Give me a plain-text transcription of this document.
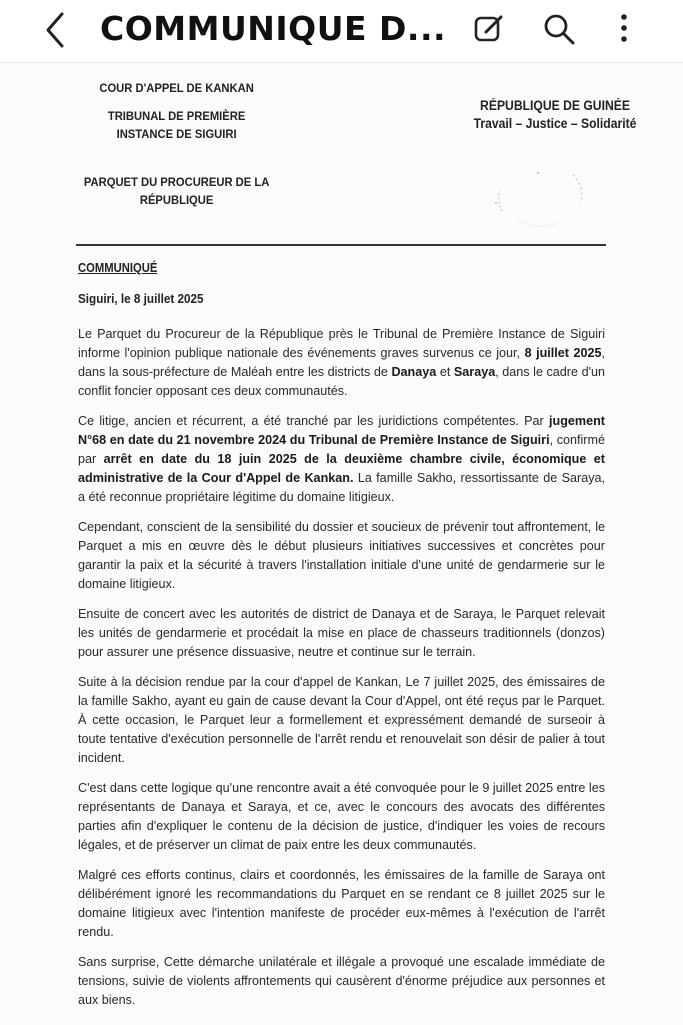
COMMUNIQUE D...
COUR D'APPEL DE KANKAN
TRIBUNAL DE PREMIÈRE INSTANCE DE SIGUIRI
PARQUET DU PROCUREUR DE LA RÉPUBLIQUE
RÉPUBLIQUE DE GUINÉE
Travail – Justice – Solidarité
COMMUNIQUÉ
Siguiri, le 8 juillet 2025

Le Parquet du Procureur de la République près le Tribunal de Première Instance de Siguiri informe l'opinion publique nationale des événements graves survenus ce jour, 8 juillet 2025, dans la sous-préfecture de Maléah entre les districts de Danaya et Saraya, dans le cadre d'un conflit foncier opposant ces deux communautés.

Ce litige, ancien et récurrent, a été tranché par les juridictions compétentes. Par jugement N°68 en date du 21 novembre 2024 du Tribunal de Première Instance de Siguiri, confirmé par arrêt en date du 18 juin 2025 de la deuxième chambre civile, économique et administrative de la Cour d'Appel de Kankan. La famille Sakho, ressortissante de Saraya, a été reconnue propriétaire légitime du domaine litigieux.

Cependant, conscient de la sensibilité du dossier et soucieux de prévenir tout affrontement, le Parquet a mis en œuvre dès le début plusieurs initiatives successives et concrètes pour garantir la paix et la sécurité à travers l'installation initiale d'une unité de gendarmerie sur le domaine litigieux.

Ensuite de concert avec les autorités de district de Danaya et de Saraya, le Parquet relevait les unités de gendarmerie et procédait la mise en place de chasseurs traditionnels (donzos) pour assurer une présence dissuasive, neutre et continue sur le terrain.

Suite à la décision rendue par la cour d'appel de Kankan, Le 7 juillet 2025, des émissaires de la famille Sakho, ayant eu gain de cause devant la Cour d'Appel, ont été reçus par le Parquet. À cette occasion, le Parquet leur a formellement et expressément demandé de surseoir à toute tentative d'exécution personnelle de l'arrêt rendu et renouvelait son désir de palier à tout incident.

C'est dans cette logique qu'une rencontre avait a été convoquée pour le 9 juillet 2025 entre les représentants de Danaya et Saraya, et ce, avec le concours des avocats des différentes parties afin d'expliquer le contenu de la décision de justice, d'indiquer les voies de recours légales, et de préserver un climat de paix entre les deux communautés.

Malgré ces efforts continus, clairs et coordonnés, les émissaires de la famille de Saraya ont délibérément ignoré les recommandations du Parquet en se rendant ce 8 juillet 2025 sur le domaine litigieux avec l'intention manifeste de procéder eux-mêmes à l'exécution de l'arrêt rendu.

Sans surprise, Cette démarche unilatérale et illégale a provoqué une escalade immédiate de tensions, suivie de violents affrontements qui causèrent d'énorme préjudice aux personnes et aux biens.
